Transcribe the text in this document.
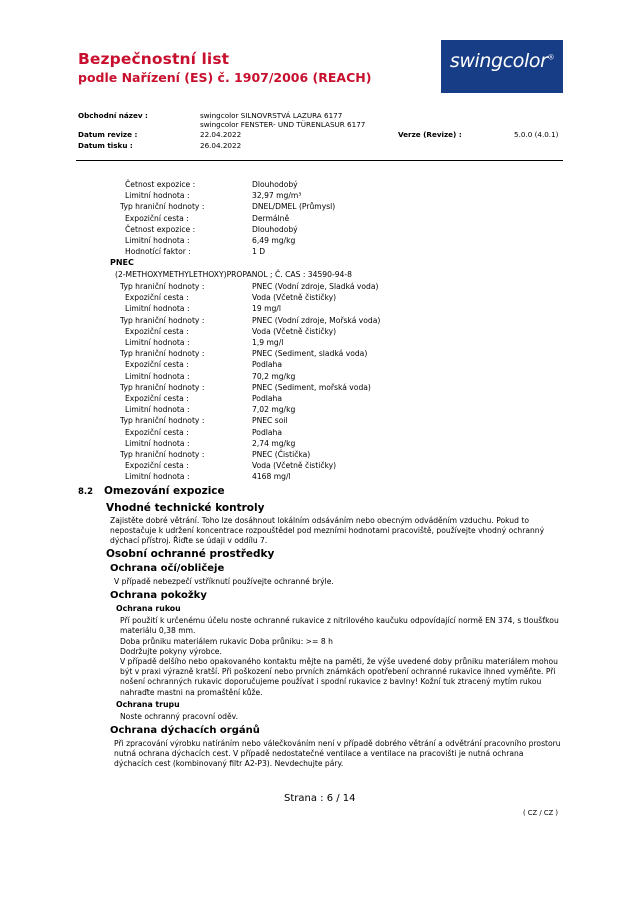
Bezpečnostní list
podle Nařízení (ES) č. 1907/2006 (REACH)
swingcolor®
Obchodní název :	swingcolor SILNOVRSTVÁ LAZURA 6177
swingcolor FENSTER- UND TÜRENLASUR 6177
Datum revize :	22.04.2022	Verze (Revize) :	5.0.0 (4.0.1)
Datum tisku :	26.04.2022
Četnost expozice :	Dlouhodobý
Limitní hodnota :	32,97 mg/m³
Typ hraniční hodnoty :	DNEL/DMEL (Průmysl)
Expoziční cesta :	Dermálně
Četnost expozice :	Dlouhodobý
Limitní hodnota :	6,49 mg/kg
Hodnotící faktor :	1 D
PNEC
(2-METHOXYMETHYLETHOXY)PROPANOL ; Č. CAS : 34590-94-8
Typ hraniční hodnoty :	PNEC (Vodní zdroje, Sladká voda)
Expoziční cesta :	Voda (Včetně čističky)
Limitní hodnota :	19 mg/l
Typ hraniční hodnoty :	PNEC (Vodní zdroje, Mořská voda)
Expoziční cesta :	Voda (Včetně čističky)
Limitní hodnota :	1,9 mg/l
Typ hraniční hodnoty :	PNEC (Sediment, sladká voda)
Expoziční cesta :	Podlaha
Limitní hodnota :	70,2 mg/kg
Typ hraniční hodnoty :	PNEC (Sediment, mořská voda)
Expoziční cesta :	Podlaha
Limitní hodnota :	7,02 mg/kg
Typ hraniční hodnoty :	PNEC soil
Expoziční cesta :	Podlaha
Limitní hodnota :	2,74 mg/kg
Typ hraniční hodnoty :	PNEC (Čistička)
Expoziční cesta :	Voda (Včetně čističky)
Limitní hodnota :	4168 mg/l
8.2 Omezování expozice
Vhodné technické kontroly
Zajistěte dobré větrání. Toho lze dosáhnout lokálním odsáváním nebo obecným odváděním vzduchu. Pokud to nepostačuje k udržení koncentrace rozpouštědel pod mezními hodnotami pracoviště, používejte vhodný ochranný dýchací přístroj. Řiďte se údaji v oddílu 7.
Osobní ochranné prostředky
Ochrana očí/obličeje
V případě nebezpečí vstříknutí používejte ochranné brýle.
Ochrana pokožky
Ochrana rukou
Pří použití k určenému účelu noste ochranné rukavice z nitrilového kaučuku odpovídající normě EN 374, s tloušťkou materiálu 0,38 mm.
Doba průniku materiálem rukavic Doba průniku: >= 8 h
Dodržujte pokyny výrobce.
V případě delšího nebo opakovaného kontaktu mějte na paměti, že výše uvedené doby průniku materiálem mohou být v praxi výrazně kratší. Při poškození nebo prvních známkách opotřebení ochranné rukavice ihned vyměňte. Při nošení ochranných rukavic doporučujeme používat i spodní rukavice z bavlny! Kožní tuk ztracený mytím rukou nahraďte mastni na promaštění kůže.
Ochrana trupu
Noste ochranný pracovní oděv.
Ochrana dýchacích orgánů
Při zpracování výrobku natíráním nebo válečkováním není v případě dobrého větrání a odvětrání pracovního prostoru nutná ochrana dýchacích cest. V případě nedostatečné ventilace a ventilace na pracovišti je nutná ochrana dýchacích cest (kombinovaný filtr A2-P3). Nevdechujte páry.
Strana : 6 / 14
( CZ / CZ )
